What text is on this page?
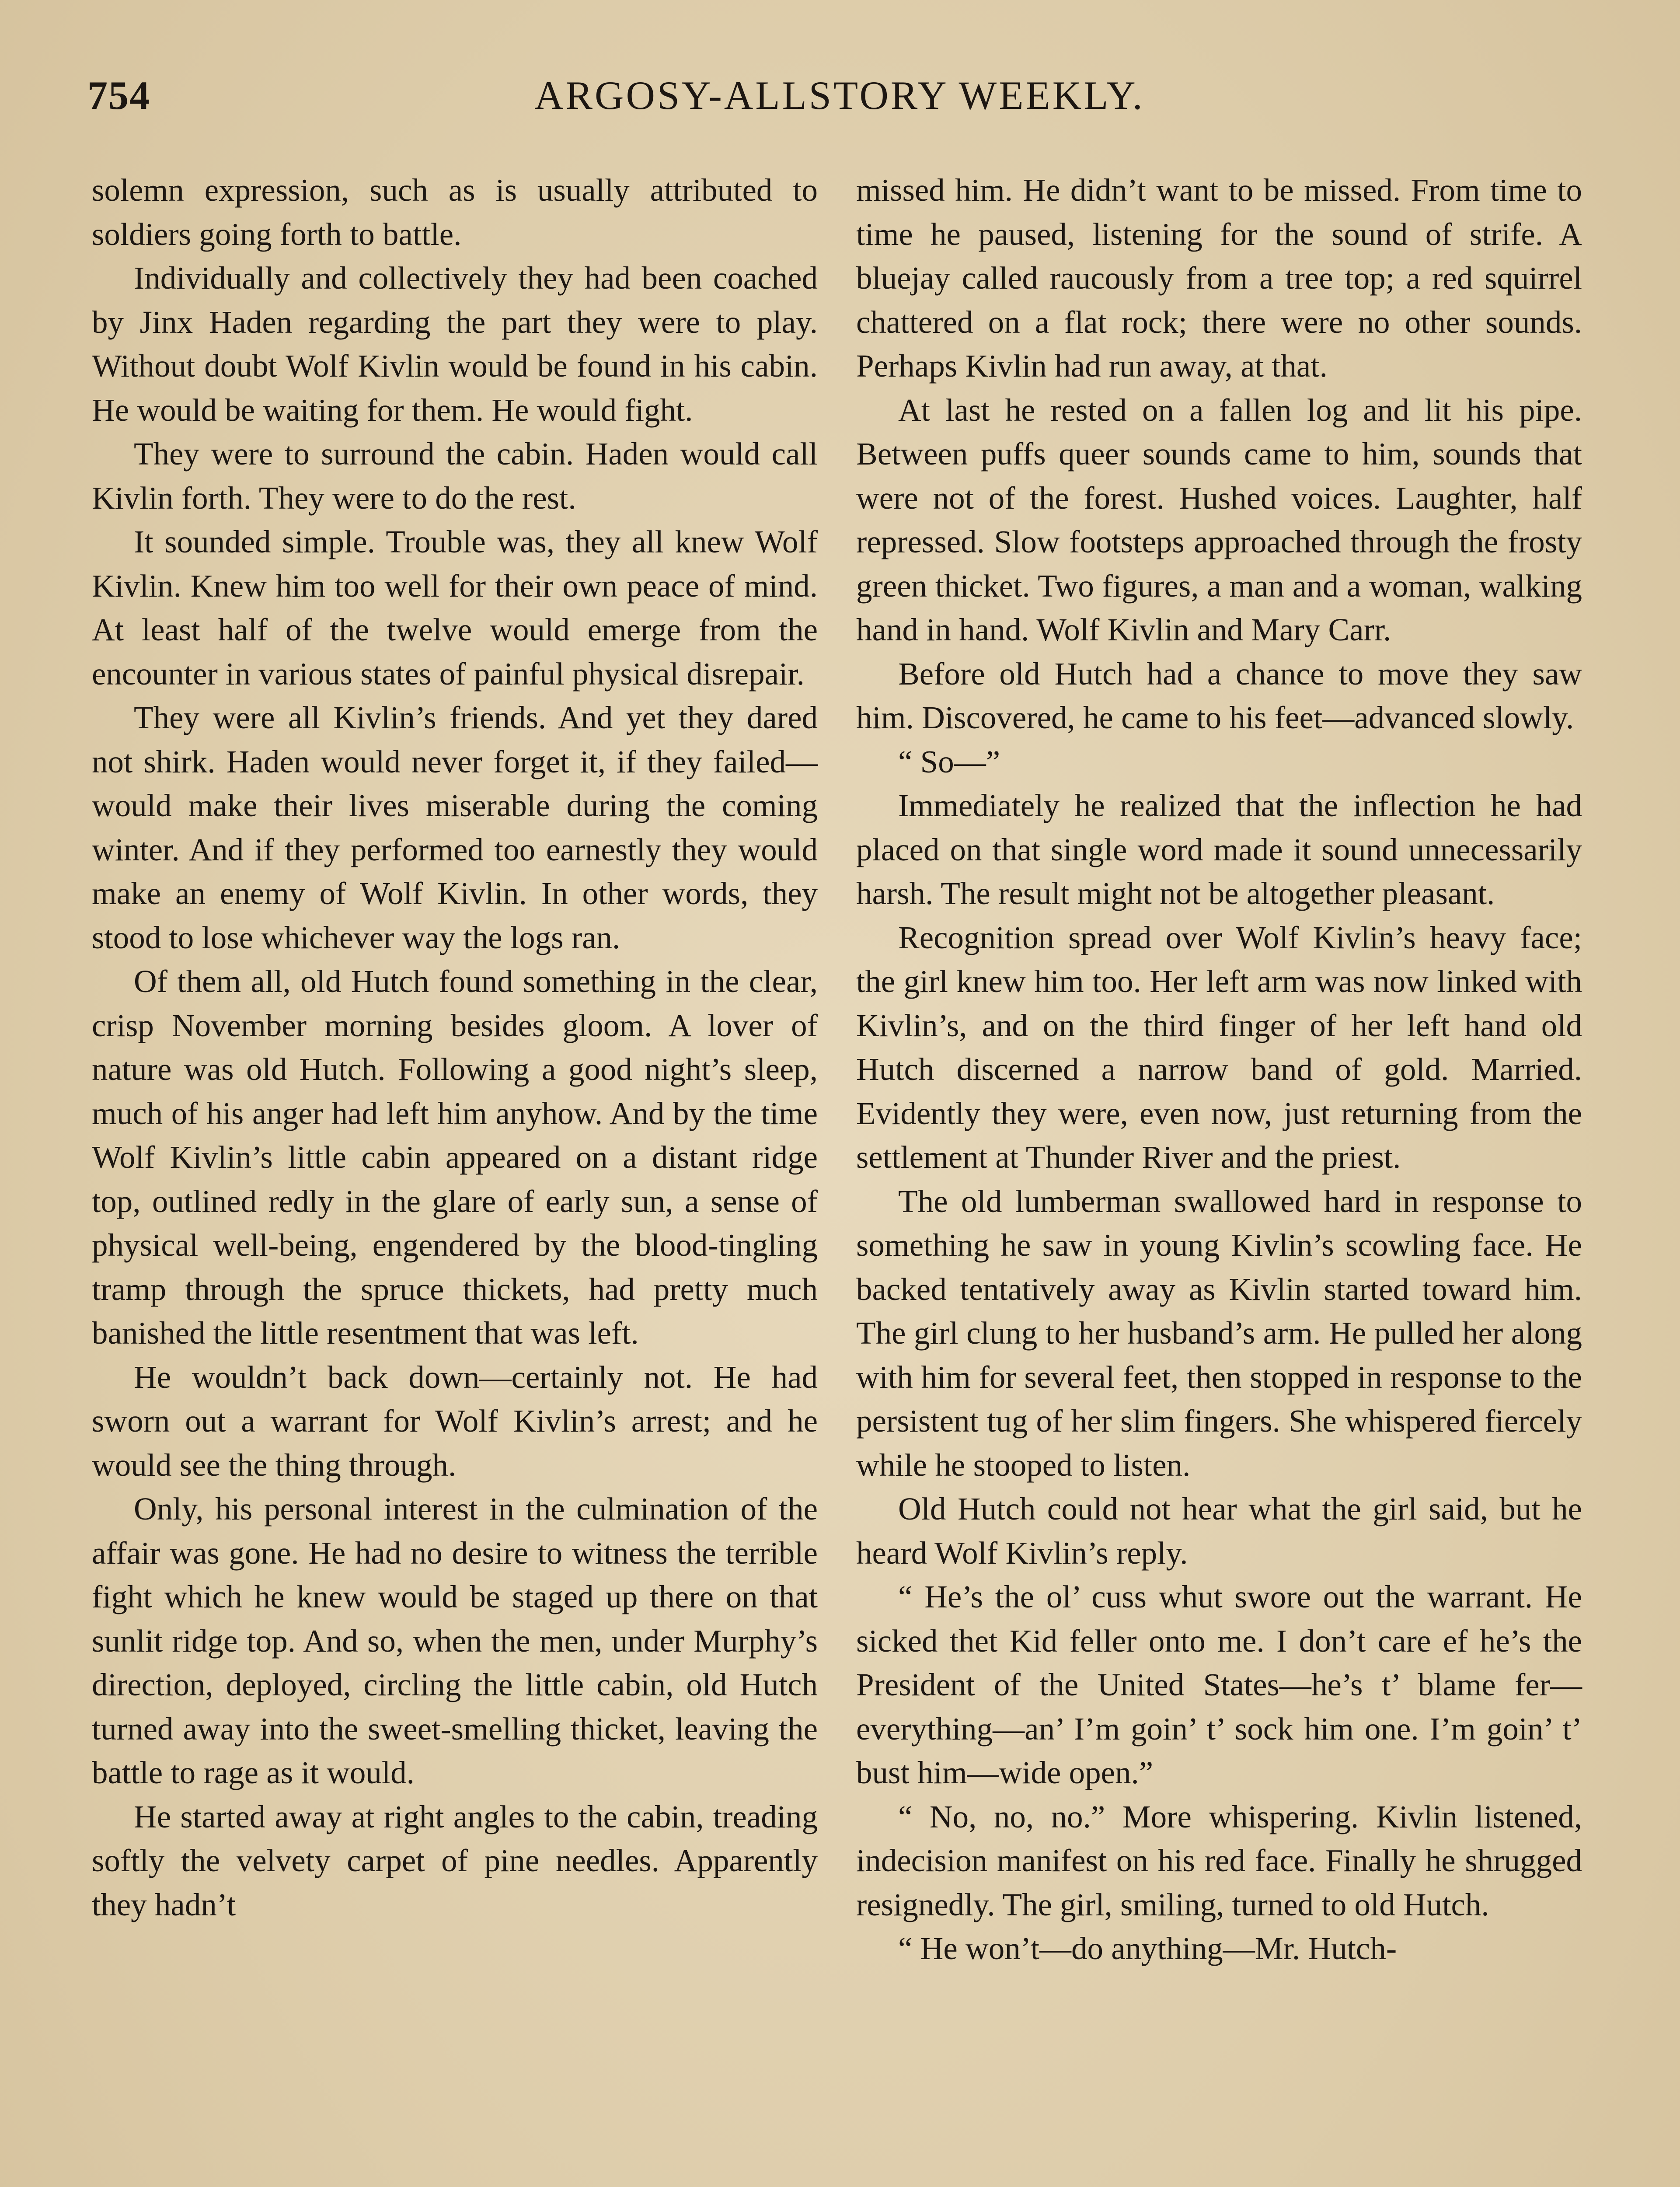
754	ARGOSY-ALLSTORY WEEKLY.

solemn expression, such as is usually attributed to soldiers going forth to battle.

Individually and collectively they had been coached by Jinx Haden regarding the part they were to play. Without doubt Wolf Kivlin would be found in his cabin. He would be waiting for them. He would fight.

They were to surround the cabin. Haden would call Kivlin forth. They were to do the rest.

It sounded simple. Trouble was, they all knew Wolf Kivlin. Knew him too well for their own peace of mind. At least half of the twelve would emerge from the encounter in various states of painful physical disrepair.

They were all Kivlin’s friends. And yet they dared not shirk. Haden would never forget it, if they failed—would make their lives miserable during the coming winter. And if they performed too earnestly they would make an enemy of Wolf Kivlin. In other words, they stood to lose whichever way the logs ran.

Of them all, old Hutch found something in the clear, crisp November morning besides gloom. A lover of nature was old Hutch. Following a good night’s sleep, much of his anger had left him anyhow. And by the time Wolf Kivlin’s little cabin appeared on a distant ridge top, outlined redly in the glare of early sun, a sense of physical well-being, engendered by the blood-tingling tramp through the spruce thickets, had pretty much banished the little resentment that was left.

He wouldn’t back down—certainly not. He had sworn out a warrant for Wolf Kivlin’s arrest; and he would see the thing through.

Only, his personal interest in the culmination of the affair was gone. He had no desire to witness the terrible fight which he knew would be staged up there on that sunlit ridge top. And so, when the men, under Murphy’s direction, deployed, circling the little cabin, old Hutch turned away into the sweet-smelling thicket, leaving the battle to rage as it would.

He started away at right angles to the cabin, treading softly the velvety carpet of pine needles. Apparently they hadn’t

missed him. He didn’t want to be missed. From time to time he paused, listening for the sound of strife. A bluejay called raucously from a tree top; a red squirrel chattered on a flat rock; there were no other sounds. Perhaps Kivlin had run away, at that.

At last he rested on a fallen log and lit his pipe. Between puffs queer sounds came to him, sounds that were not of the forest. Hushed voices. Laughter, half repressed. Slow footsteps approached through the frosty green thicket. Two figures, a man and a woman, walking hand in hand. Wolf Kivlin and Mary Carr.

Before old Hutch had a chance to move they saw him. Discovered, he came to his feet—advanced slowly.

“ So—”

Immediately he realized that the inflection he had placed on that single word made it sound unnecessarily harsh. The result might not be altogether pleasant.

Recognition spread over Wolf Kivlin’s heavy face; the girl knew him too. Her left arm was now linked with Kivlin’s, and on the third finger of her left hand old Hutch discerned a narrow band of gold. Married. Evidently they were, even now, just returning from the settlement at Thunder River and the priest.

The old lumberman swallowed hard in response to something he saw in young Kivlin’s scowling face. He backed tentatively away as Kivlin started toward him. The girl clung to her husband’s arm. He pulled her along with him for several feet, then stopped in response to the persistent tug of her slim fingers. She whispered fiercely while he stooped to listen.

Old Hutch could not hear what the girl said, but he heard Wolf Kivlin’s reply.

“ He’s the ol’ cuss whut swore out the warrant. He sicked thet Kid feller onto me. I don’t care ef he’s the President of the United States—he’s t’ blame fer—everything—an’ I’m goin’ t’ sock him one. I’m goin’ t’ bust him—wide open.”

“ No, no, no.” More whispering. Kivlin listened, indecision manifest on his red face. Finally he shrugged resignedly. The girl, smiling, turned to old Hutch.

“ He won’t—do anything—Mr. Hutch-
